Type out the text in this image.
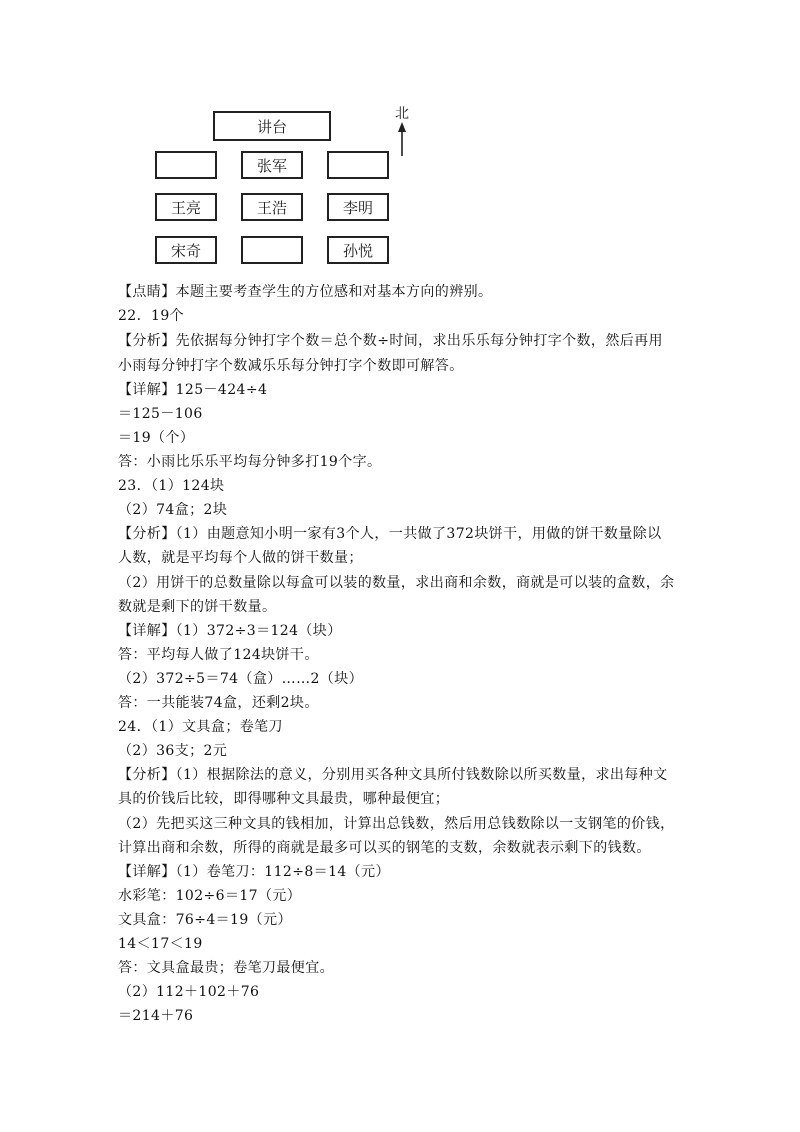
讲台
张军
王亮	王浩	李明
宋奇	孙悦
北
【点睛】本题主要考查学生的方位感和对基本方向的辨别。
22．19个
【分析】先依据每分钟打字个数＝总个数÷时间，求出乐乐每分钟打字个数，然后再用
小雨每分钟打字个数减乐乐每分钟打字个数即可解答。
【详解】125－424÷4
＝125－106
＝19（个）
答：小雨比乐乐平均每分钟多打19个字。
23．（1）124块
（2）74盒；2块
【分析】（1）由题意知小明一家有3个人，一共做了372块饼干，用做的饼干数量除以
人数，就是平均每个人做的饼干数量；
（2）用饼干的总数量除以每盒可以装的数量，求出商和余数，商就是可以装的盒数，余
数就是剩下的饼干数量。
【详解】（1）372÷3＝124（块）
答：平均每人做了124块饼干。
（2）372÷5＝74（盒）……2（块）
答：一共能装74盒，还剩2块。
24．（1）文具盒；卷笔刀
（2）36支；2元
【分析】（1）根据除法的意义，分别用买各种文具所付钱数除以所买数量，求出每种文
具的价钱后比较，即得哪种文具最贵，哪种最便宜；
（2）先把买这三种文具的钱相加，计算出总钱数，然后用总钱数除以一支钢笔的价钱，
计算出商和余数，所得的商就是最多可以买的钢笔的支数，余数就表示剩下的钱数。
【详解】（1）卷笔刀：112÷8＝14（元）
水彩笔：102÷6＝17（元）
文具盒：76÷4＝19（元）
14＜17＜19
答：文具盒最贵；卷笔刀最便宜。
（2）112＋102＋76
＝214＋76
